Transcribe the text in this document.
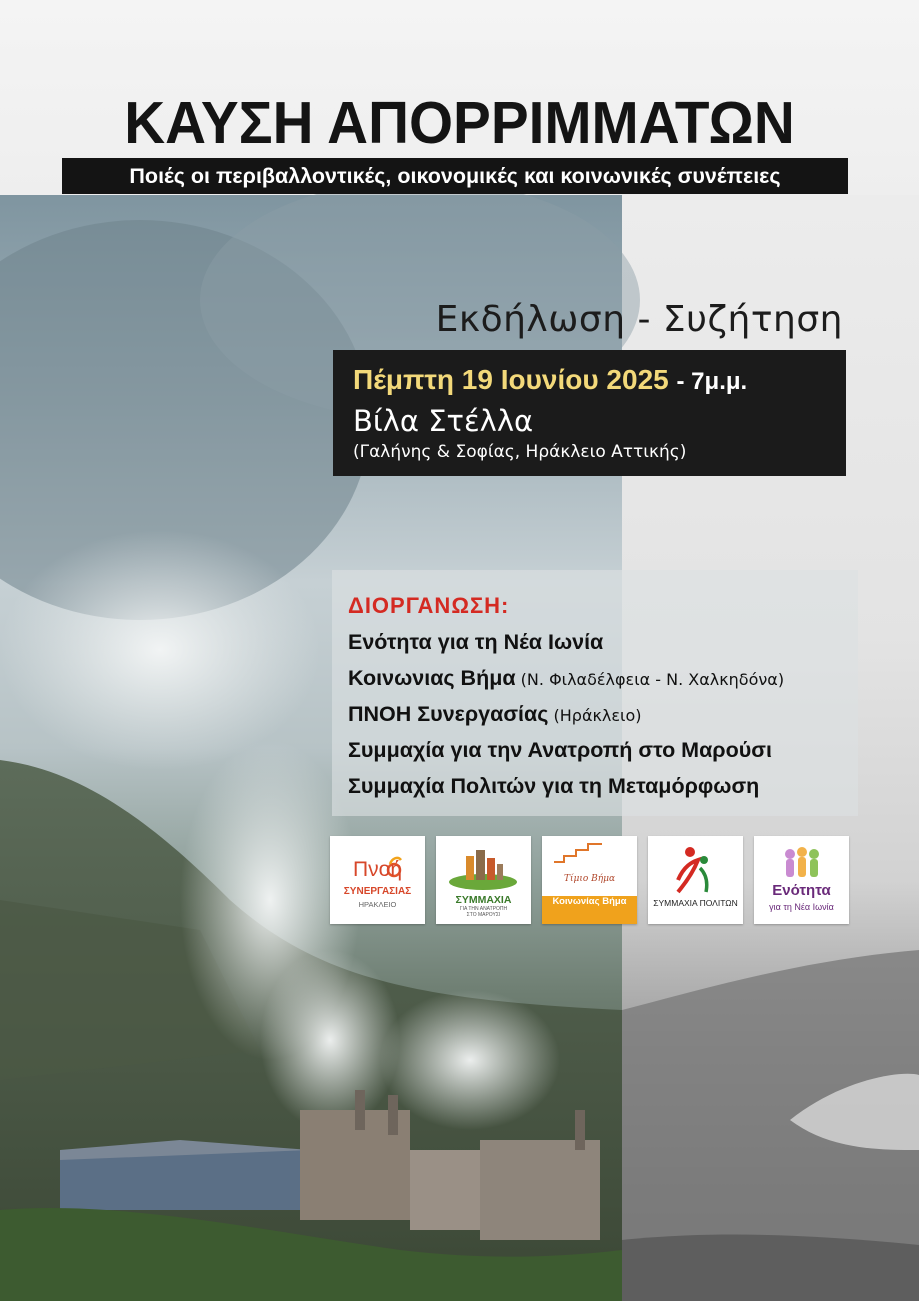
ΚΑΥΣΗ ΑΠΟΡΡΙΜΜΑΤΩΝ
Ποιές οι περιβαλλοντικές, οικονομικές και κοινωνικές συνέπειες
Εκδήλωση - Συζήτηση
Πέμπτη 19 Ιουνίου 2025 - 7μ.μ.
Βίλα Στέλλα
(Γαλήνης & Σοφίας, Ηράκλειο Αττικής)
ΔΙΟΡΓΑΝΩΣΗ:
Ενότητα για τη Νέα Ιωνία
Κοινωνιας Βήμα (Ν. Φιλαδέλφεια - Ν. Χαλκηδόνα)
ΠΝΟΗ Συνεργασίας (Ηράκλειο)
Συμμαχία για την Ανατροπή στο Μαρούσι
Συμμαχία Πολιτών για τη Μεταμόρφωση
Πνοή
ΣΥΝΕΡΓΑΣΙΑΣ
ΗΡΑΚΛΕΙΟ	ΣΥΜΜΑΧΙΑ
ΓΙΑ ΤΗΝ ΑΝΑΤΡΟΠΗ
ΣΤΟ ΜΑΡΟΥΣΙ
Τίμιο Βήμα
Κοινωνίας Βήμα	ΣΥΜΜΑΧΙΑ ΠΟΛΙΤΩΝ
Ενότητα
για τη Νέα Ιωνία
